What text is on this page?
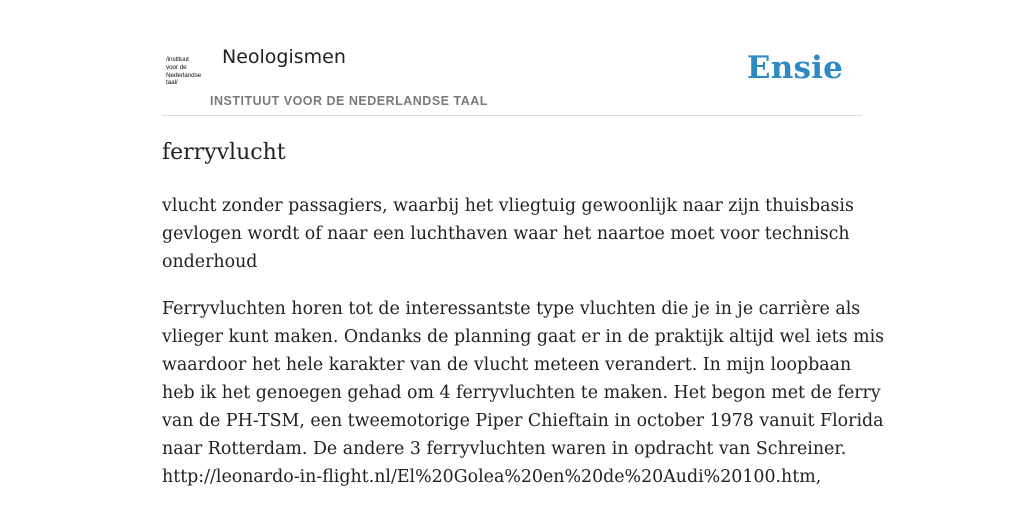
/instituut
voor de
Nederlandse
taal/
Neologismen
INSTITUUT VOOR DE NEDERLANDSE TAAL
Ensie
ferryvlucht
vlucht zonder passagiers, waarbij het vliegtuig gewoonlijk naar zijn thuisbasis
gevlogen wordt of naar een luchthaven waar het naartoe moet voor technisch
onderhoud
Ferryvluchten horen tot de interessantste type vluchten die je in je carrière als
vlieger kunt maken. Ondanks de planning gaat er in de praktijk altijd wel iets mis
waardoor het hele karakter van de vlucht meteen verandert. In mijn loopbaan
heb ik het genoegen gehad om 4 ferryvluchten te maken. Het begon met de ferry
van de PH-TSM, een tweemotorige Piper Chieftain in october 1978 vanuit Florida
naar Rotterdam. De andere 3 ferryvluchten waren in opdracht van Schreiner.
http://leonardo-in-flight.nl/El%20Golea%20en%20de%20Audi%20100.htm,
